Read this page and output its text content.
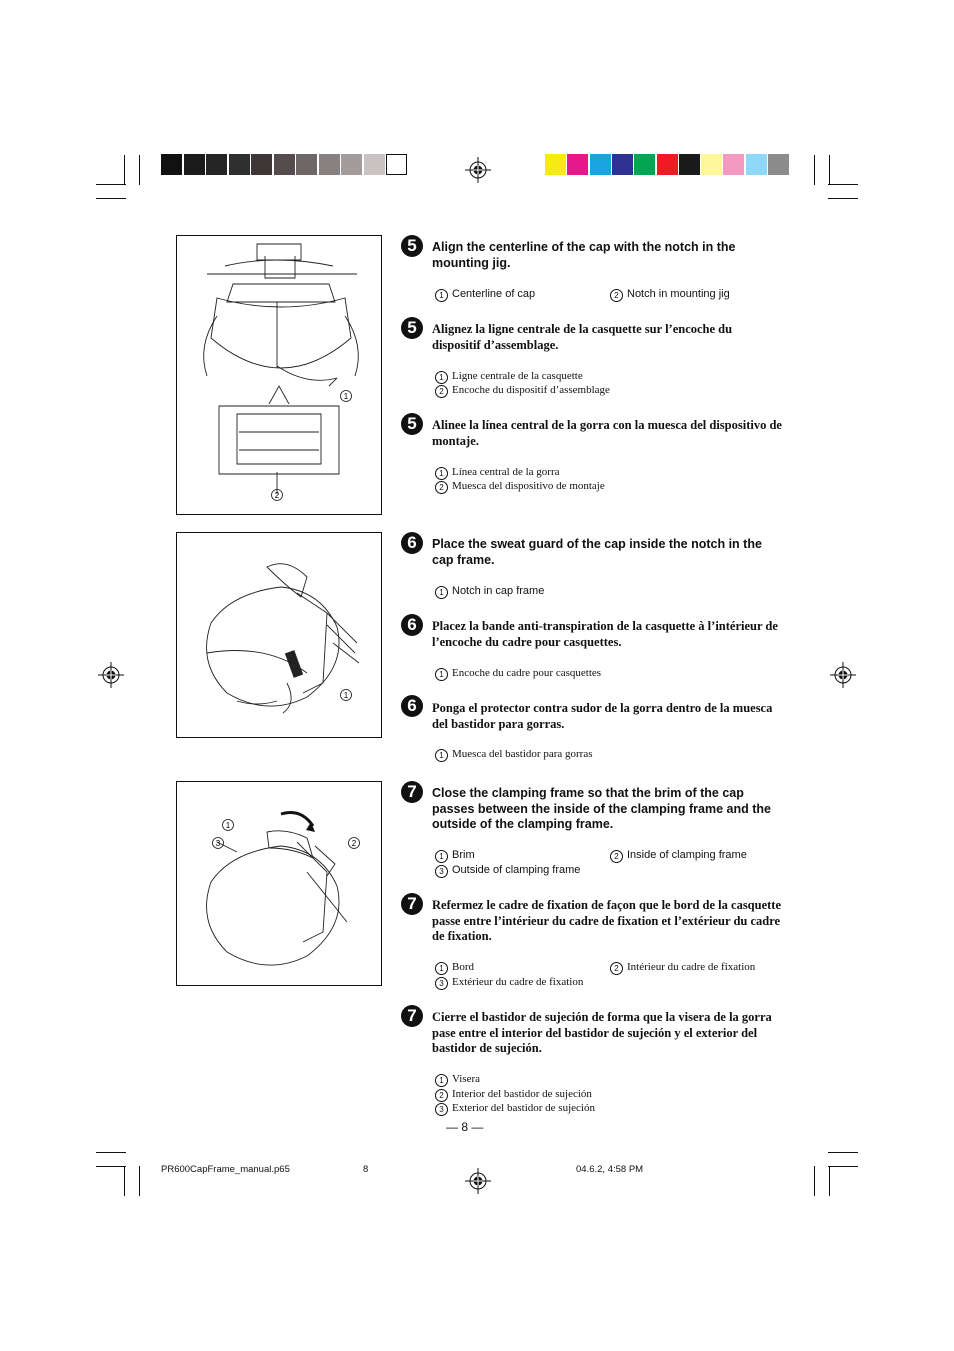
1
2
1
1
2
3
5	Align the centerline of the cap with the notch in the mounting jig.
1 Centerline of cap	2 Notch in mounting jig
5	Alignez la ligne centrale de la casquette sur l’encoche du dispositif d’assemblage.
1 Ligne centrale de la casquette
2 Encoche du dispositif d’assemblage
5	Alinee la línea central de la gorra con la muesca del dispositivo de montaje.
1 Línea central de la gorra
2 Muesca del dispositivo de montaje
6	Place the sweat guard of the cap inside the notch in the cap frame.
1 Notch in cap frame
6	Placez la bande anti-transpiration de la casquette à l’intérieur de l’encoche du cadre pour casquettes.
1 Encoche du cadre pour casquettes
6	Ponga el protector contra sudor de la gorra dentro de la muesca del bastidor para gorras.
1 Muesca del bastidor para gorras
7	Close the clamping frame so that the brim of the cap passes between the inside of the clamping frame and the outside of the clamping frame.
1 Brim	2 Inside of clamping frame
3 Outside of clamping frame
7	Refermez le cadre de fixation de façon que le bord de la casquette passe entre l’intérieur du cadre de fixation et l’extérieur du cadre de fixation.
1 Bord	2 Intérieur du cadre de fixation
3 Extérieur du cadre de fixation
7	Cierre el bastidor de sujeción de forma que la visera de la gorra pase entre el interior del bastidor de sujeción y el exterior del bastidor de sujeción.
1 Visera
2 Interior del bastidor de sujeción
3 Exterior del bastidor de sujeción
— 8 —
PR600CapFrame_manual.p65	8	04.6.2, 4:58 PM
